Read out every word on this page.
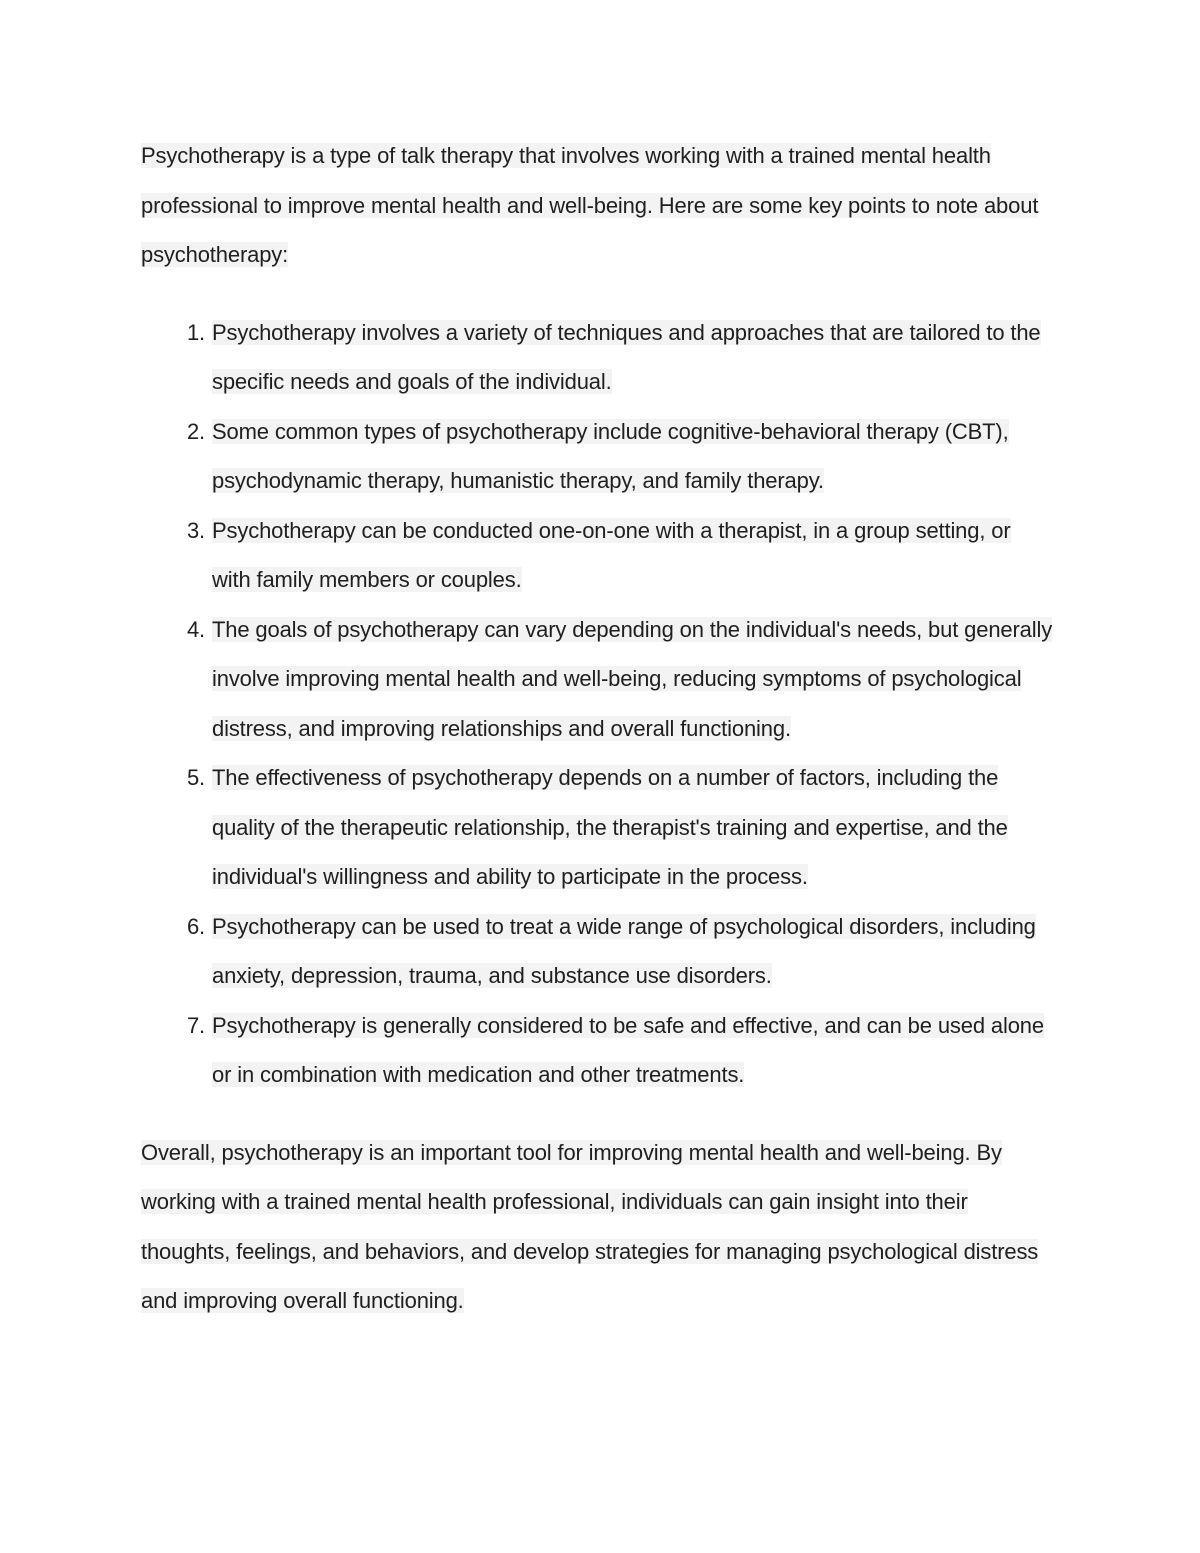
Psychotherapy is a type of talk therapy that involves working with a trained mental health professional to improve mental health and well-being. Here are some key points to note about psychotherapy:

1. Psychotherapy involves a variety of techniques and approaches that are tailored to the specific needs and goals of the individual.
2. Some common types of psychotherapy include cognitive-behavioral therapy (CBT), psychodynamic therapy, humanistic therapy, and family therapy.
3. Psychotherapy can be conducted one-on-one with a therapist, in a group setting, or with family members or couples.
4. The goals of psychotherapy can vary depending on the individual's needs, but generally involve improving mental health and well-being, reducing symptoms of psychological distress, and improving relationships and overall functioning.
5. The effectiveness of psychotherapy depends on a number of factors, including the quality of the therapeutic relationship, the therapist's training and expertise, and the individual's willingness and ability to participate in the process.
6. Psychotherapy can be used to treat a wide range of psychological disorders, including anxiety, depression, trauma, and substance use disorders.
7. Psychotherapy is generally considered to be safe and effective, and can be used alone or in combination with medication and other treatments.

Overall, psychotherapy is an important tool for improving mental health and well-being. By working with a trained mental health professional, individuals can gain insight into their thoughts, feelings, and behaviors, and develop strategies for managing psychological distress and improving overall functioning.
